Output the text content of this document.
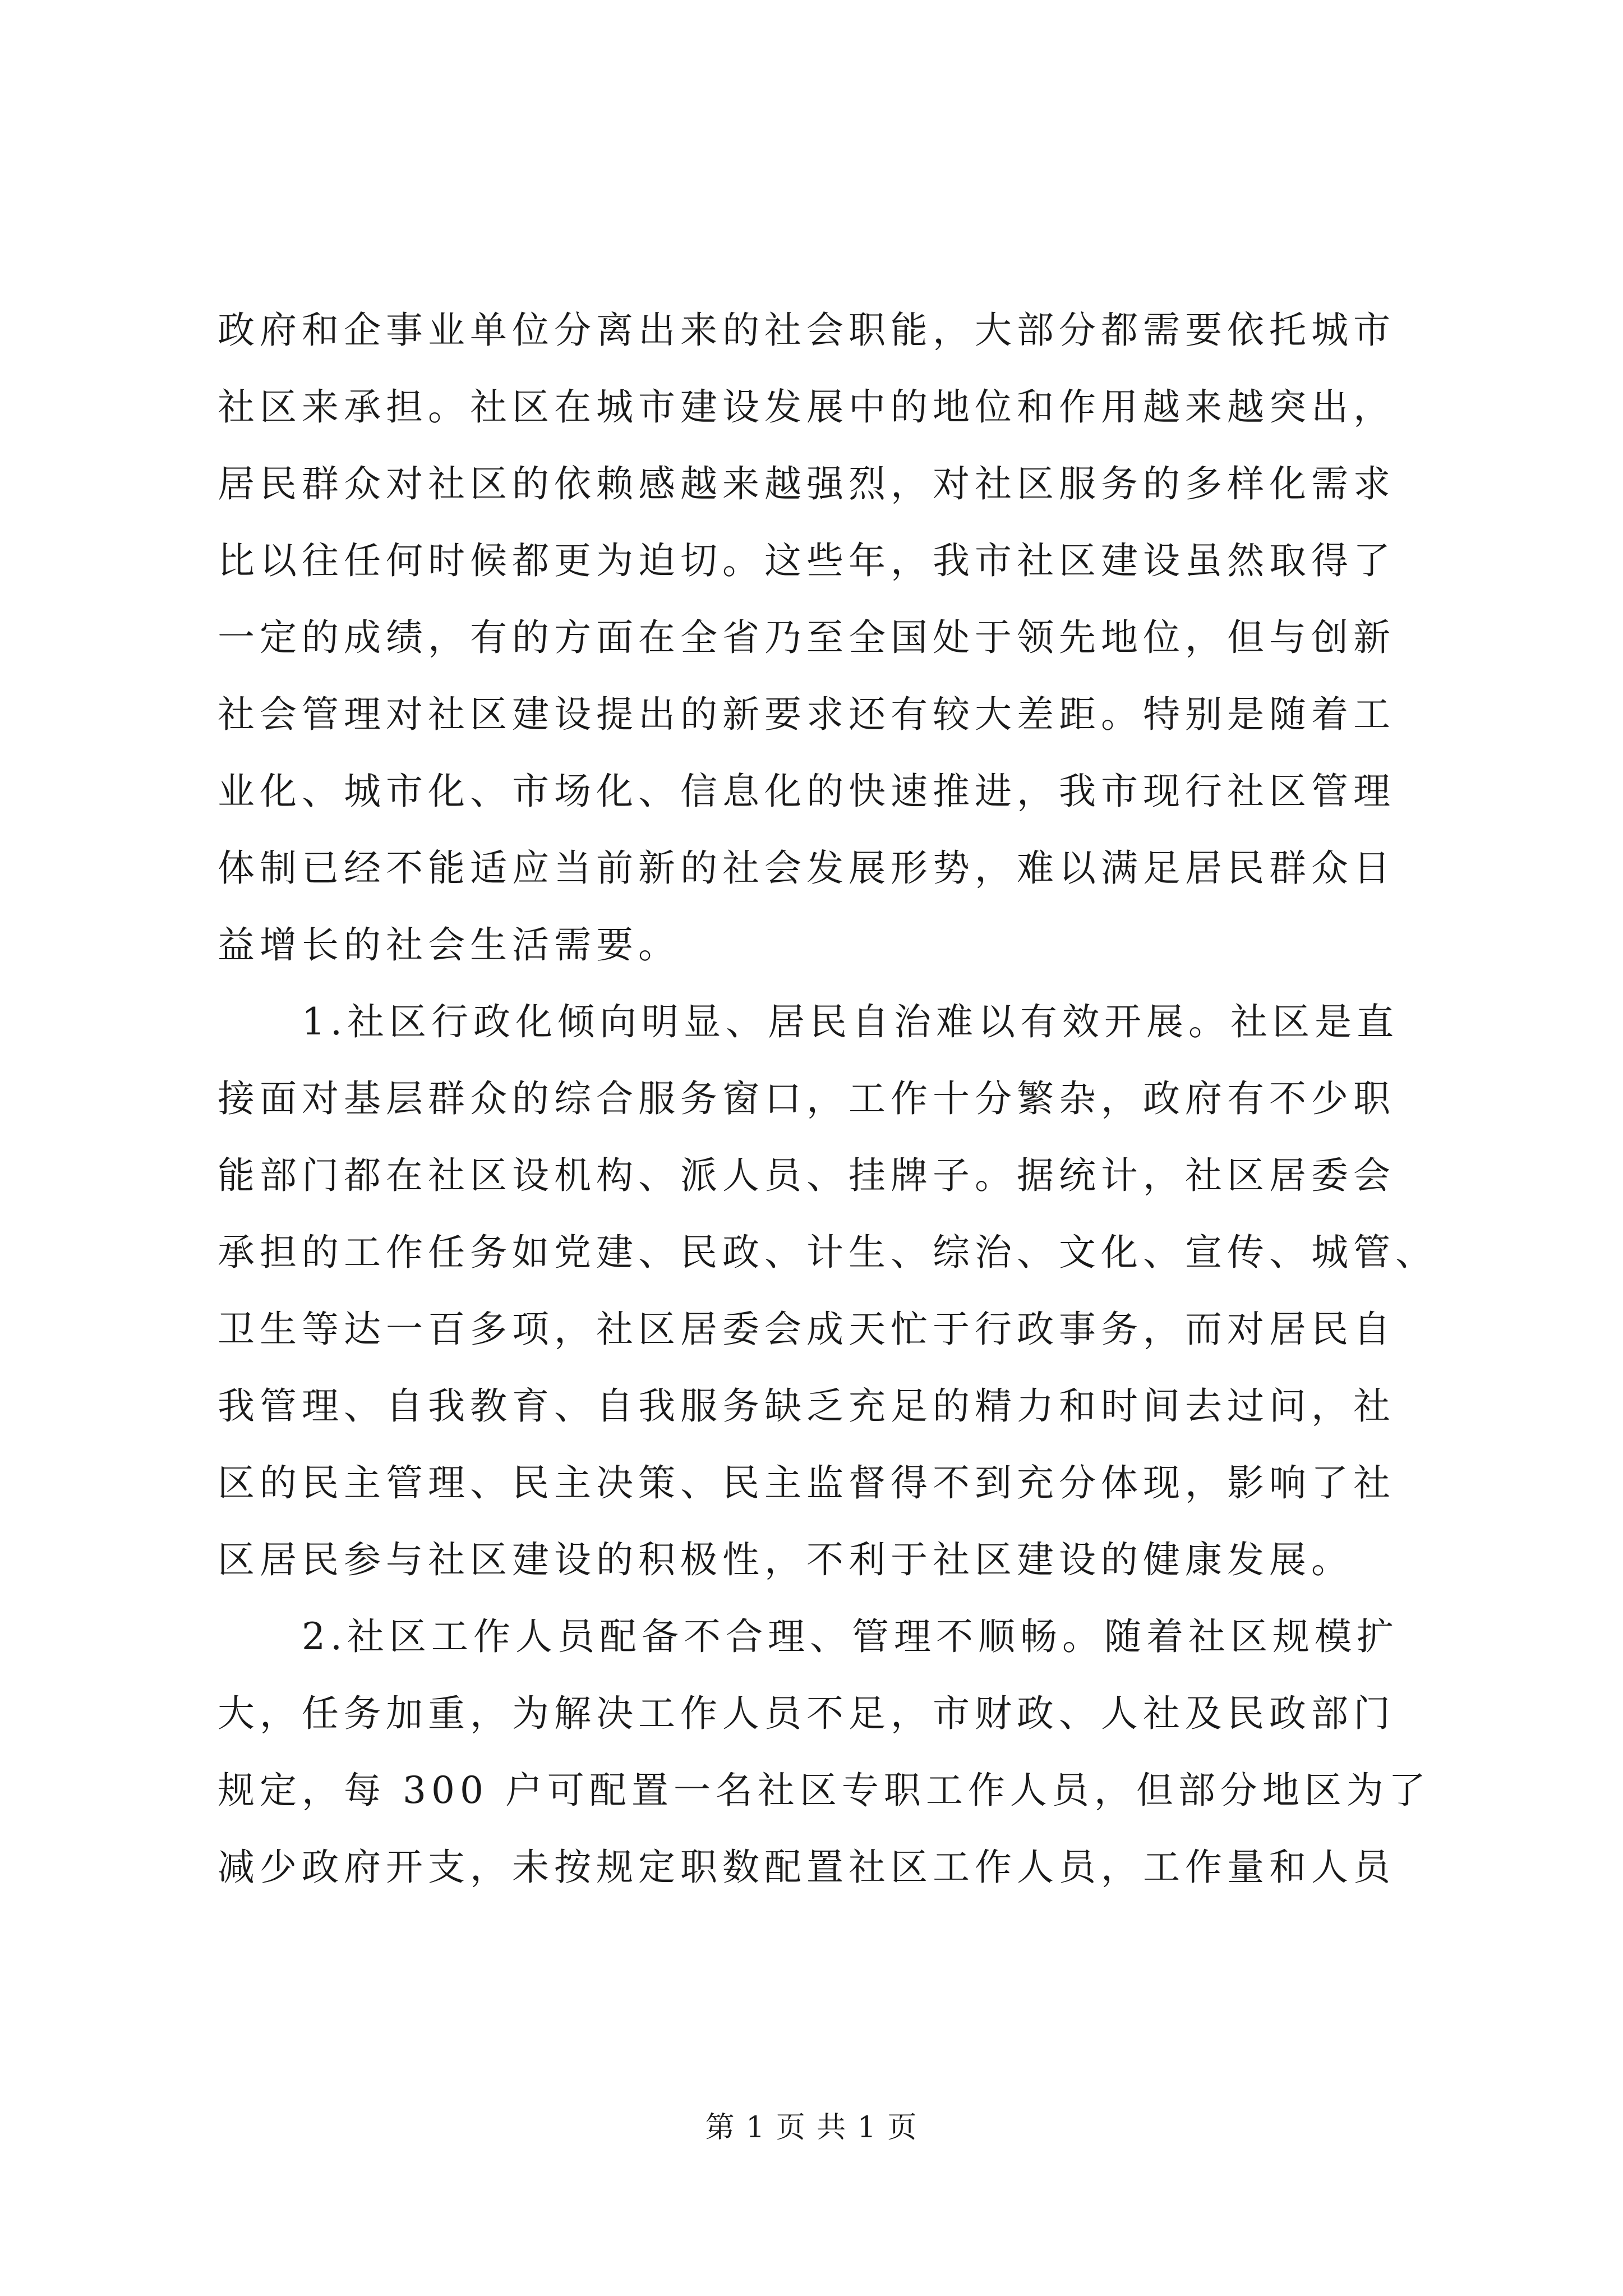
政府和企事业单位分离出来的社会职能，大部分都需要依托城市
社区来承担。社区在城市建设发展中的地位和作用越来越突出，
居民群众对社区的依赖感越来越强烈，对社区服务的多样化需求
比以往任何时候都更为迫切。这些年，我市社区建设虽然取得了
一定的成绩，有的方面在全省乃至全国处于领先地位，但与创新
社会管理对社区建设提出的新要求还有较大差距。特别是随着工
业化、城市化、市场化、信息化的快速推进，我市现行社区管理
体制已经不能适应当前新的社会发展形势，难以满足居民群众日
益增长的社会生活需要。
1.社区行政化倾向明显、居民自治难以有效开展。社区是直
接面对基层群众的综合服务窗口，工作十分繁杂，政府有不少职
能部门都在社区设机构、派人员、挂牌子。据统计，社区居委会
承担的工作任务如党建、民政、计生、综治、文化、宣传、城管、
卫生等达一百多项，社区居委会成天忙于行政事务，而对居民自
我管理、自我教育、自我服务缺乏充足的精力和时间去过问，社
区的民主管理、民主决策、民主监督得不到充分体现，影响了社
区居民参与社区建设的积极性，不利于社区建设的健康发展。
2.社区工作人员配备不合理、管理不顺畅。随着社区规模扩
大，任务加重，为解决工作人员不足，市财政、人社及民政部门
规定，每 300 户可配置一名社区专职工作人员，但部分地区为了
减少政府开支，未按规定职数配置社区工作人员，工作量和人员
第 1 页 共 1 页
